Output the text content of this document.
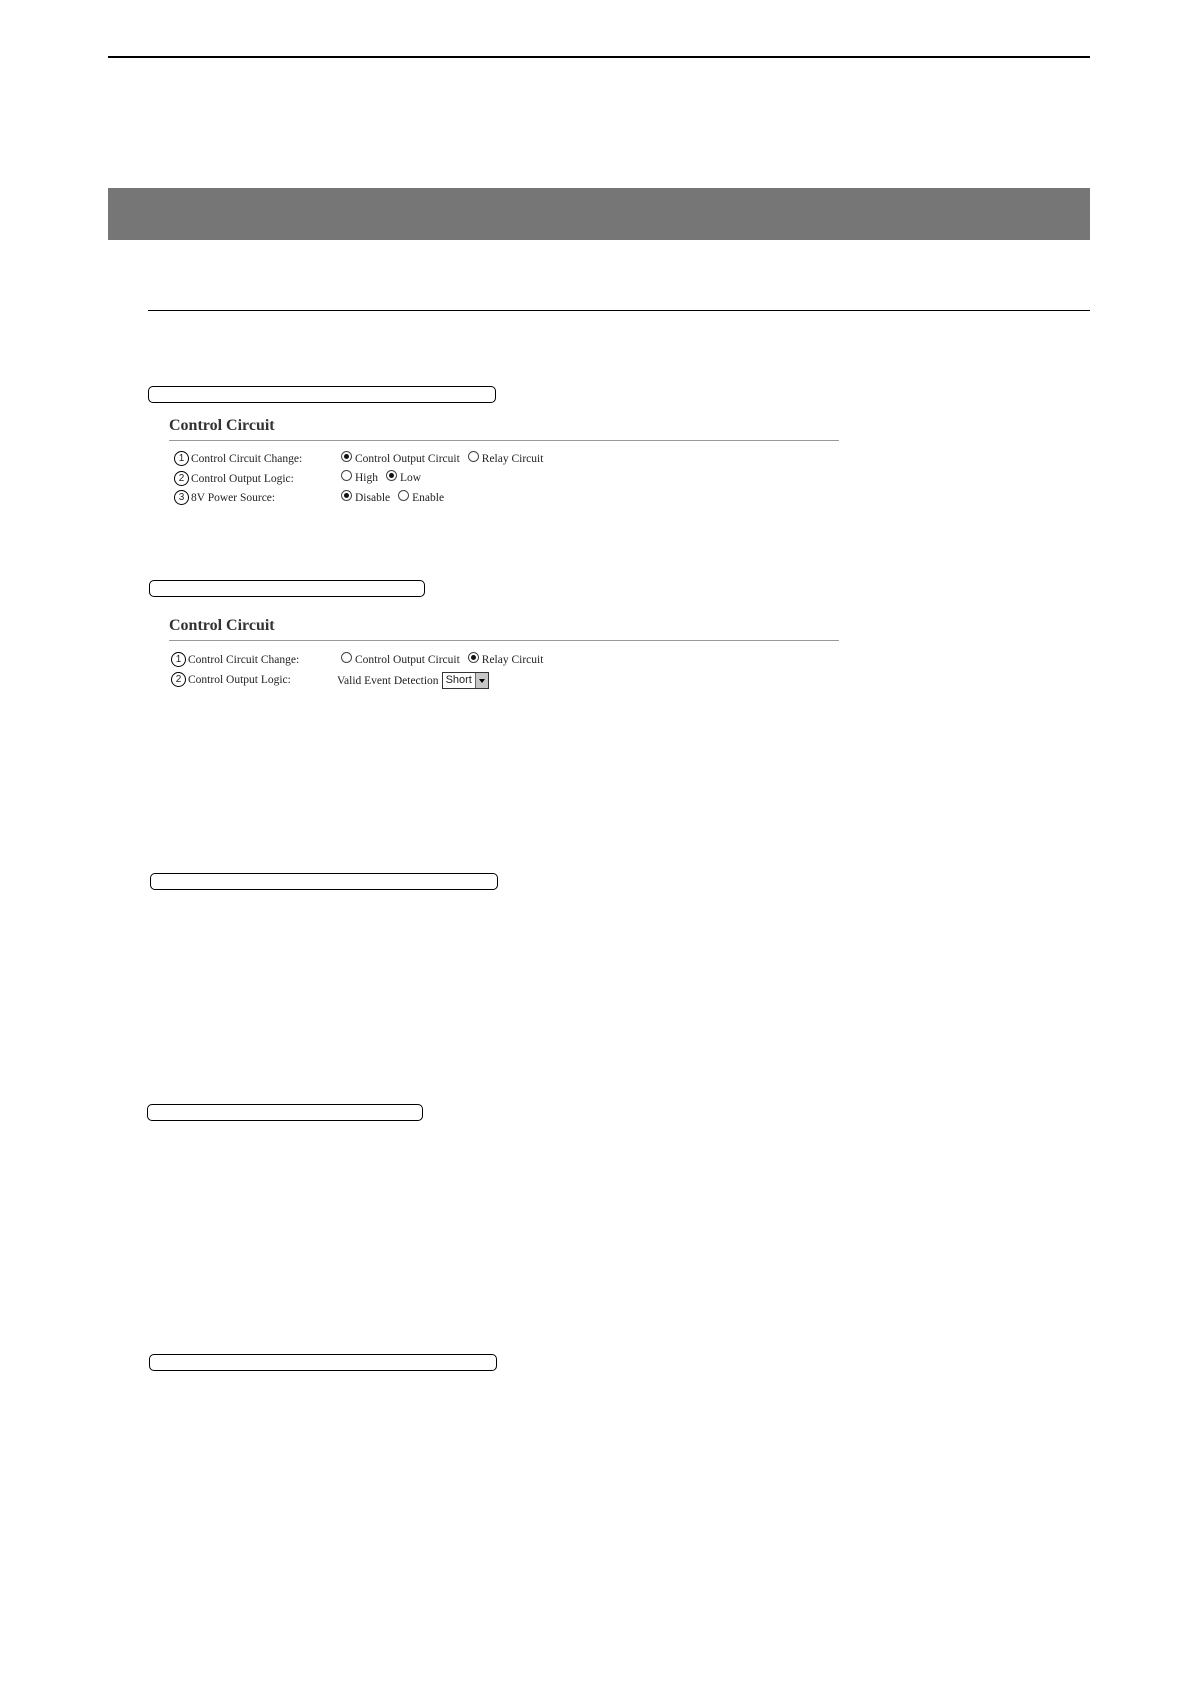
Control Circuit
1 Control Circuit Change:	Control Output Circuit Relay Circuit
2 Control Output Logic:	High Low
3 8V Power Source:	Disable Enable
Control Circuit
1 Control Circuit Change:	Control Output Circuit Relay Circuit
2 Control Output Logic:	Valid Event Detection Short
